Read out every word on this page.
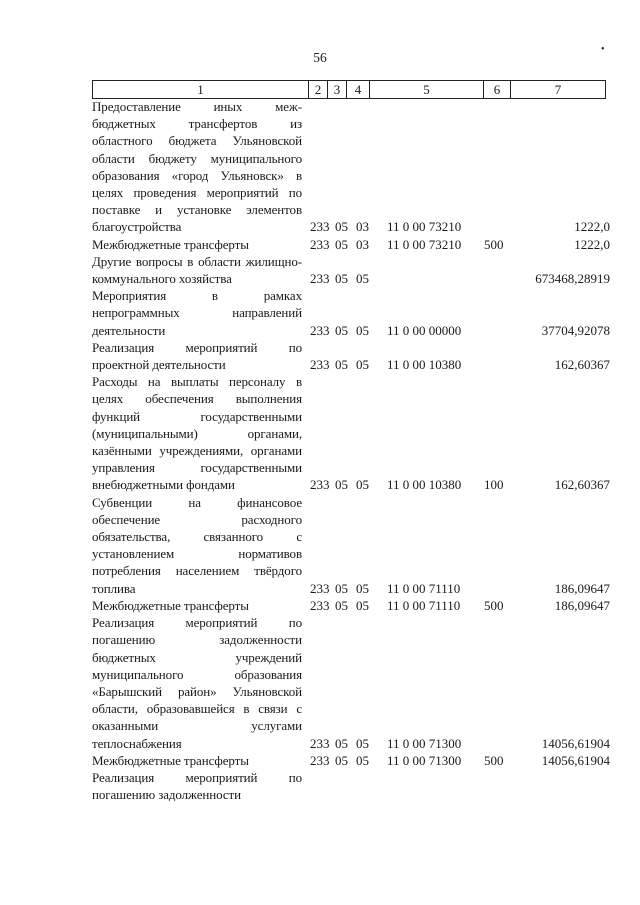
56
•
1	2 3	4	5	6	7
Предоставление иных меж- бюджетных трансфертов из областного бюджета Ульяновской области бюджету муниципального образования «город Ульяновск» в целях проведения мероприятий по поставке и установке элементов благоустройства	233 05 03 11 0 00 73210	1222,0
Межбюджетные трансферты	233 05 03 11 0 00 73210 500	1222,0
Другие вопросы в области жилищно-коммунального хозяйства	233 05 05	673468,28919
Мероприятия в рамках непрограммных направлений деятельности	233 05 05 11 0 00 00000	37704,92078
Реализация мероприятий по проектной деятельности	233 05 05 11 0 00 10380	162,60367
Расходы на выплаты персоналу в целях обеспечения выполнения функций государственными (муниципальными) органами, казёнными учреждениями, органами управления государственными внебюджетными фондами	233 05 05 11 0 00 10380 100	162,60367
Субвенции на финансовое обеспечение расходного обязательства, связанного с установлением нормативов потребления населением твёрдого топлива	233 05 05 11 0 00 71110	186,09647
Межбюджетные трансферты	233 05 05 11 0 00 71110 500	186,09647
Реализация мероприятий по погашению задолженности бюджетных учреждений муниципального образования «Барышский район» Ульяновской области, образовавшейся в связи с оказанными услугами теплоснабжения	233 05 05 11 0 00 71300	14056,61904
Межбюджетные трансферты	233 05 05 11 0 00 71300 500	14056,61904
Реализация мероприятий по погашению задолженности
